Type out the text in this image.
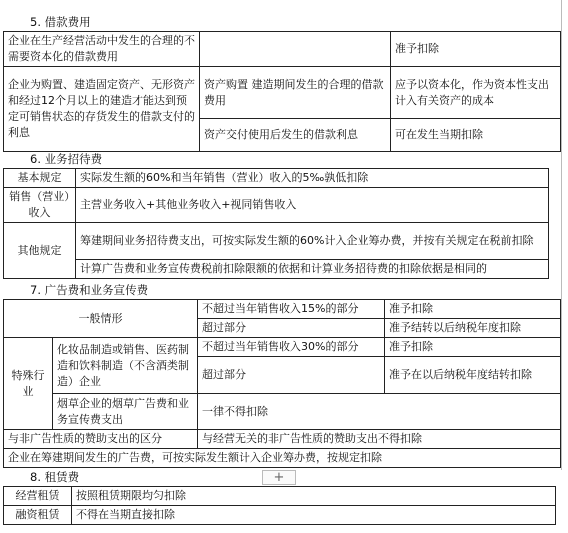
5. 借款费用
企业在生产经营活动中发生的合理的不需要资本化的借款费用		准予扣除
企业为购置、建造固定资产、无形资产和经过12个月以上的建造才能达到预定可销售状态的存货发生的借款支付的利息	资产购置 建造期间发生的合理的借款费用	应予以资本化，作为资本性支出计入有关资产的成本
	资产交付使用后发生的借款利息	可在发生当期扣除
6. 业务招待费
基本规定	实际发生额的60%和当年销售（营业）收入的5‰孰低扣除
销售（营业）收入	主营业务收入+其他业务收入+视同销售收入
其他规定	筹建期间业务招待费支出，可按实际发生额的60%计入企业筹办费，并按有关规定在税前扣除
	计算广告费和业务宣传费税前扣除限额的依据和计算业务招待费的扣除依据是相同的
7. 广告费和业务宣传费
一般情形		不超过当年销售收入15%的部分	准予扣除
		超过部分	准予结转以后纳税年度扣除
特殊行业	化妆品制造或销售、医药制造和饮料制造（不含酒类制造）企业	不超过当年销售收入30%的部分	准予扣除
		超过部分	准予在以后纳税年度结转扣除
	烟草企业的烟草广告费和业务宣传费支出	一律不得扣除	
与非广告性质的赞助支出的区分		与经营无关的非广告性质的赞助支出不得扣除	
企业在筹建期间发生的广告费，可按实际发生额计入企业筹办费，按规定扣除			
+
8. 租赁费
经营租赁	按照租赁期限均匀扣除
融资租赁	不得在当期直接扣除
